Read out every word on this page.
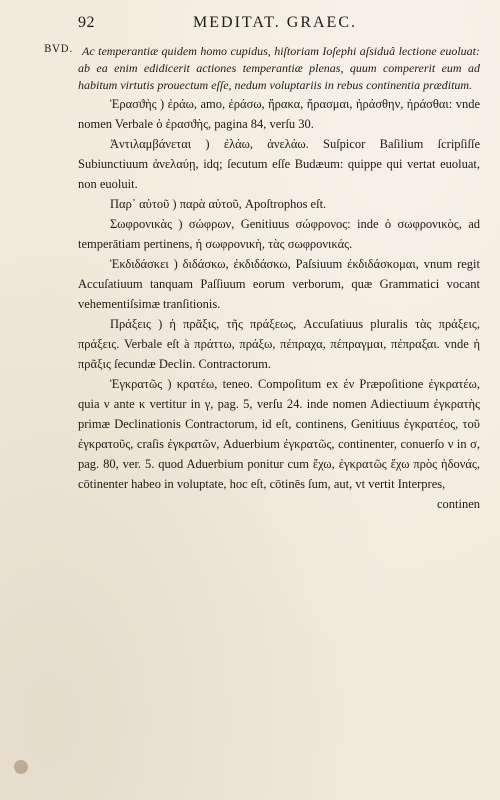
92	MEDITAT. GRAEC.
BVD. Ac temperantiæ quidem homo cupidus, hiſtoriam Ioſephi aſsiduâ lectione euoluat: ab ea enim edidicerit actiones temperantiæ plenas, quum compererit eum ad habitum virtutis prouectum eſſe, nedum voluptariis in rebus continentia præditum.

Ἐρασϑὴς ) ἐράω, amo, ἐράσω, ἤρακα, ἤρασμαι, ἠράσθην, ἠράσθαι: vnde nomen Verbale ὁ ἐρασϑὴς, pagina 84, verſu 30.

Ἀντιλαμβάνεται ) ἐλάω, ἀνελάω. Suſpicor Baſilium ſcripſiſſe Subiunctiuum ἀνελαύῃ, idq; ſecutum eſſe Budæum: quippe qui vertat euoluat, non euoluit.

Παρ᾽ αὐτοῦ ) παρὰ αὐτοῦ, Apoſtrophos eſt.

Σωφρονικὰς ) σώφρων, Genitiuus σώφρονος: inde ὁ σωφρονικὸς, ad temperātiam pertinens, ἡ σωφρονικὴ, τὰς σωφρονικάς.

Ἐκδιδάσκει ) διδάσκω, ἐκδιδάσκω, Paſsiuum ἐκδιδάσκομαι, vnum regit Accuſatiuum tanquam Paſſiuum eorum verborum, quæ Grammatici vocant vehementiſsimæ tranſitionis.

Πράξεις ) ἡ πρᾶξις, τῆς πράξεως, Accuſatiuus pluralis τὰς πράξεις, πράξεις. Verbale eſt à πράττω, πράξω, πέπραχα, πέπραγμαι, πέπραξαι. vnde ἡ πρᾶξις ſecundæ Declin. Contractorum.

Ἐγκρατῶς ) κρατέω, teneo. Compoſitum ex ἐν Præpoſitione ἐγκρατέω, quia ν ante κ vertitur in γ, pag. 5, verſu 24. inde nomen Adiectiuum ἐγκρατὴς primæ Declinationis Contractorum, id eſt, continens, Genitiuus ἐγκρατέος, τοῦ ἐγκρατοῦς, craſis ἐγκρατῶν, Aduerbium ἐγκρατῶς, continenter, conuerſo ν in σ, pag. 80, ver. 5. quod Aduerbium ponitur cum ἔχω, ἐγκρατῶς ἔχω πρὸς ἡδονάς, cōtinenter habeo in voluptate, hoc eſt, cōtinēs ſum, aut, vt vertit Interpres,

continen
